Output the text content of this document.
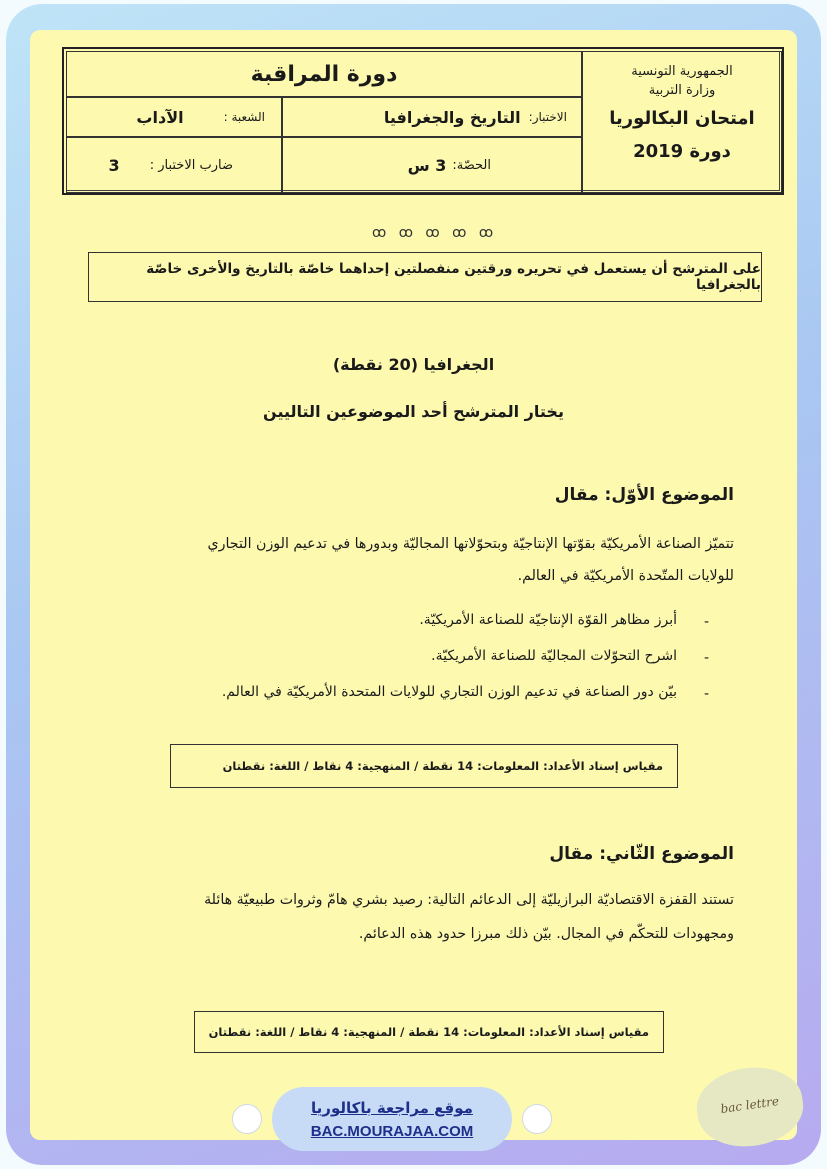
دورة المراقبة	الجمهورية التونسية
وزارة التربية
امتحان البكالوريا
دورة 2019
الاختبار:
التاريخ والجغرافيا
الشعبة :
الآداب
الحصّة:
3 س
ضارب الاختبار :
3
ꝏ ꝏ ꝏ ꝏ ꝏ
على المترشح أن يستعمل في تحريره ورقتين منفصلتين إحداهما خاصّة بالتاريخ والأخرى خاصّة بالجغرافيا
الجغرافيا (20 نقطة)
يختار المترشح أحد الموضوعين التاليين
الموضوع الأوّل: مقال
تتميّز الصناعة الأمريكيّة بقوّتها الإنتاجيّة وبتحوّلاتها المجاليّة وبدورها في تدعيم الوزن التجاري
للولايات المتّحدة الأمريكيّة في العالم.
-
أبرز مظاهر القوّة الإنتاجيّة للصناعة الأمريكيّة.
-
اشرح التحوّلات المجاليّة للصناعة الأمريكيّة.
-
بيّن دور الصناعة في تدعيم الوزن التجاري للولايات المتحدة الأمريكيّة في العالم.
مقياس إسناد الأعداد: المعلومات: 14 نقطة / المنهجية: 4 نقاط / اللغة: نقطتان
الموضوع الثّاني: مقال
تستند القفزة الاقتصاديّة البرازيليّة إلى الدعائم التالية: رصيد بشري هامّ وثروات طبيعيّة هائلة
ومجهودات للتحكّم في المجال. بيّن ذلك مبرزا حدود هذه الدعائم.
مقياس إسناد الأعداد: المعلومات: 14 نقطة / المنهجية: 4 نقاط / اللغة: نقطتان
موقع مراجعة باكالوريا
BAC.MOURAJAA.COM
bac lettre
